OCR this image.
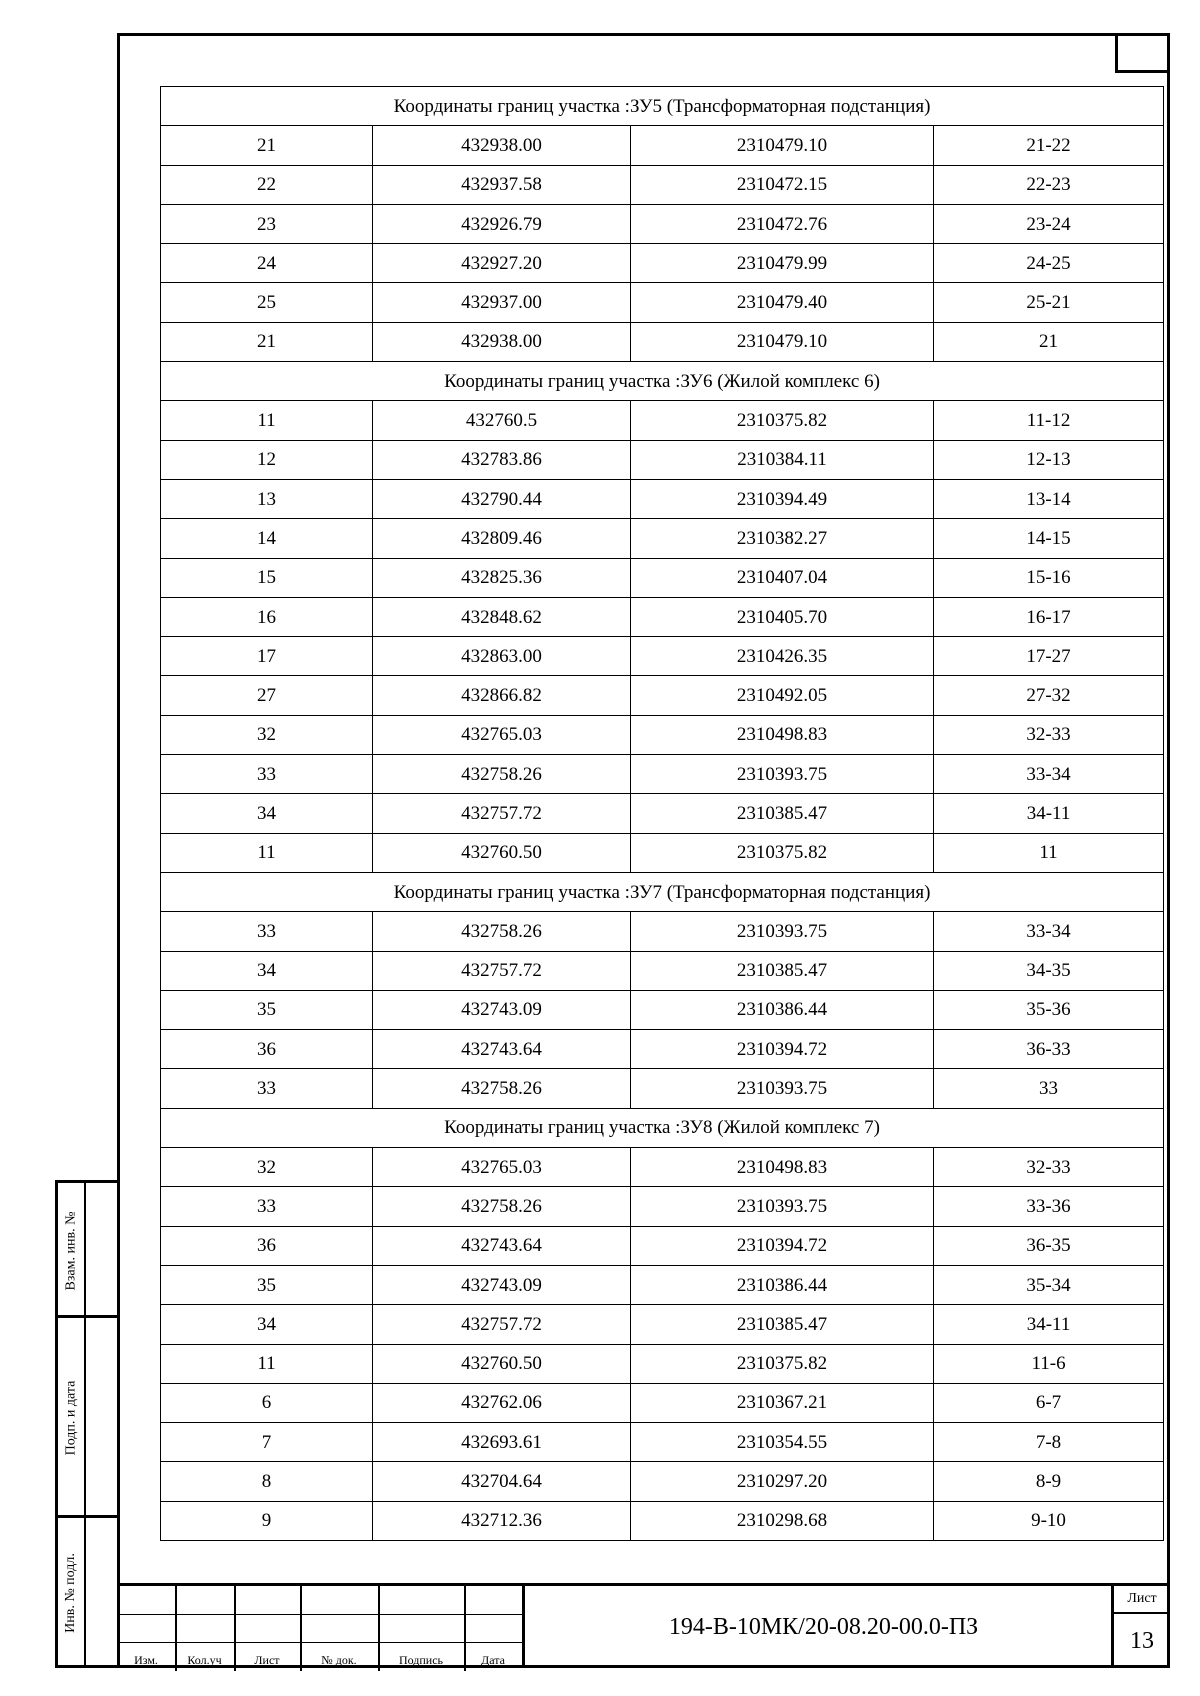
Взам. инв. №
Подп. и дата
Инв. № подл.
Координаты границ участка :ЗУ5 (Трансформаторная подстанция)			
21	432938.00	2310479.10	21-22
22	432937.58	2310472.15	22-23
23	432926.79	2310472.76	23-24
24	432927.20	2310479.99	24-25
25	432937.00	2310479.40	25-21
21	432938.00	2310479.10	21
Координаты границ участка :ЗУ6 (Жилой комплекс 6)			
11	432760.5	2310375.82	11-12
12	432783.86	2310384.11	12-13
13	432790.44	2310394.49	13-14
14	432809.46	2310382.27	14-15
15	432825.36	2310407.04	15-16
16	432848.62	2310405.70	16-17
17	432863.00	2310426.35	17-27
27	432866.82	2310492.05	27-32
32	432765.03	2310498.83	32-33
33	432758.26	2310393.75	33-34
34	432757.72	2310385.47	34-11
11	432760.50	2310375.82	11
Координаты границ участка :ЗУ7 (Трансформаторная подстанция)			
33	432758.26	2310393.75	33-34
34	432757.72	2310385.47	34-35
35	432743.09	2310386.44	35-36
36	432743.64	2310394.72	36-33
33	432758.26	2310393.75	33
Координаты границ участка :ЗУ8 (Жилой комплекс 7)			
32	432765.03	2310498.83	32-33
33	432758.26	2310393.75	33-36
36	432743.64	2310394.72	36-35
35	432743.09	2310386.44	35-34
34	432757.72	2310385.47	34-11
11	432760.50	2310375.82	11-6
6	432762.06	2310367.21	6-7
7	432693.61	2310354.55	7-8
8	432704.64	2310297.20	8-9
9	432712.36	2310298.68	9-10
Изм.	Кол.уч	Лист	№ док.	Подпись	Дата
194-В-10МК/20-08.20-00.0-ПЗ
Лист
13
